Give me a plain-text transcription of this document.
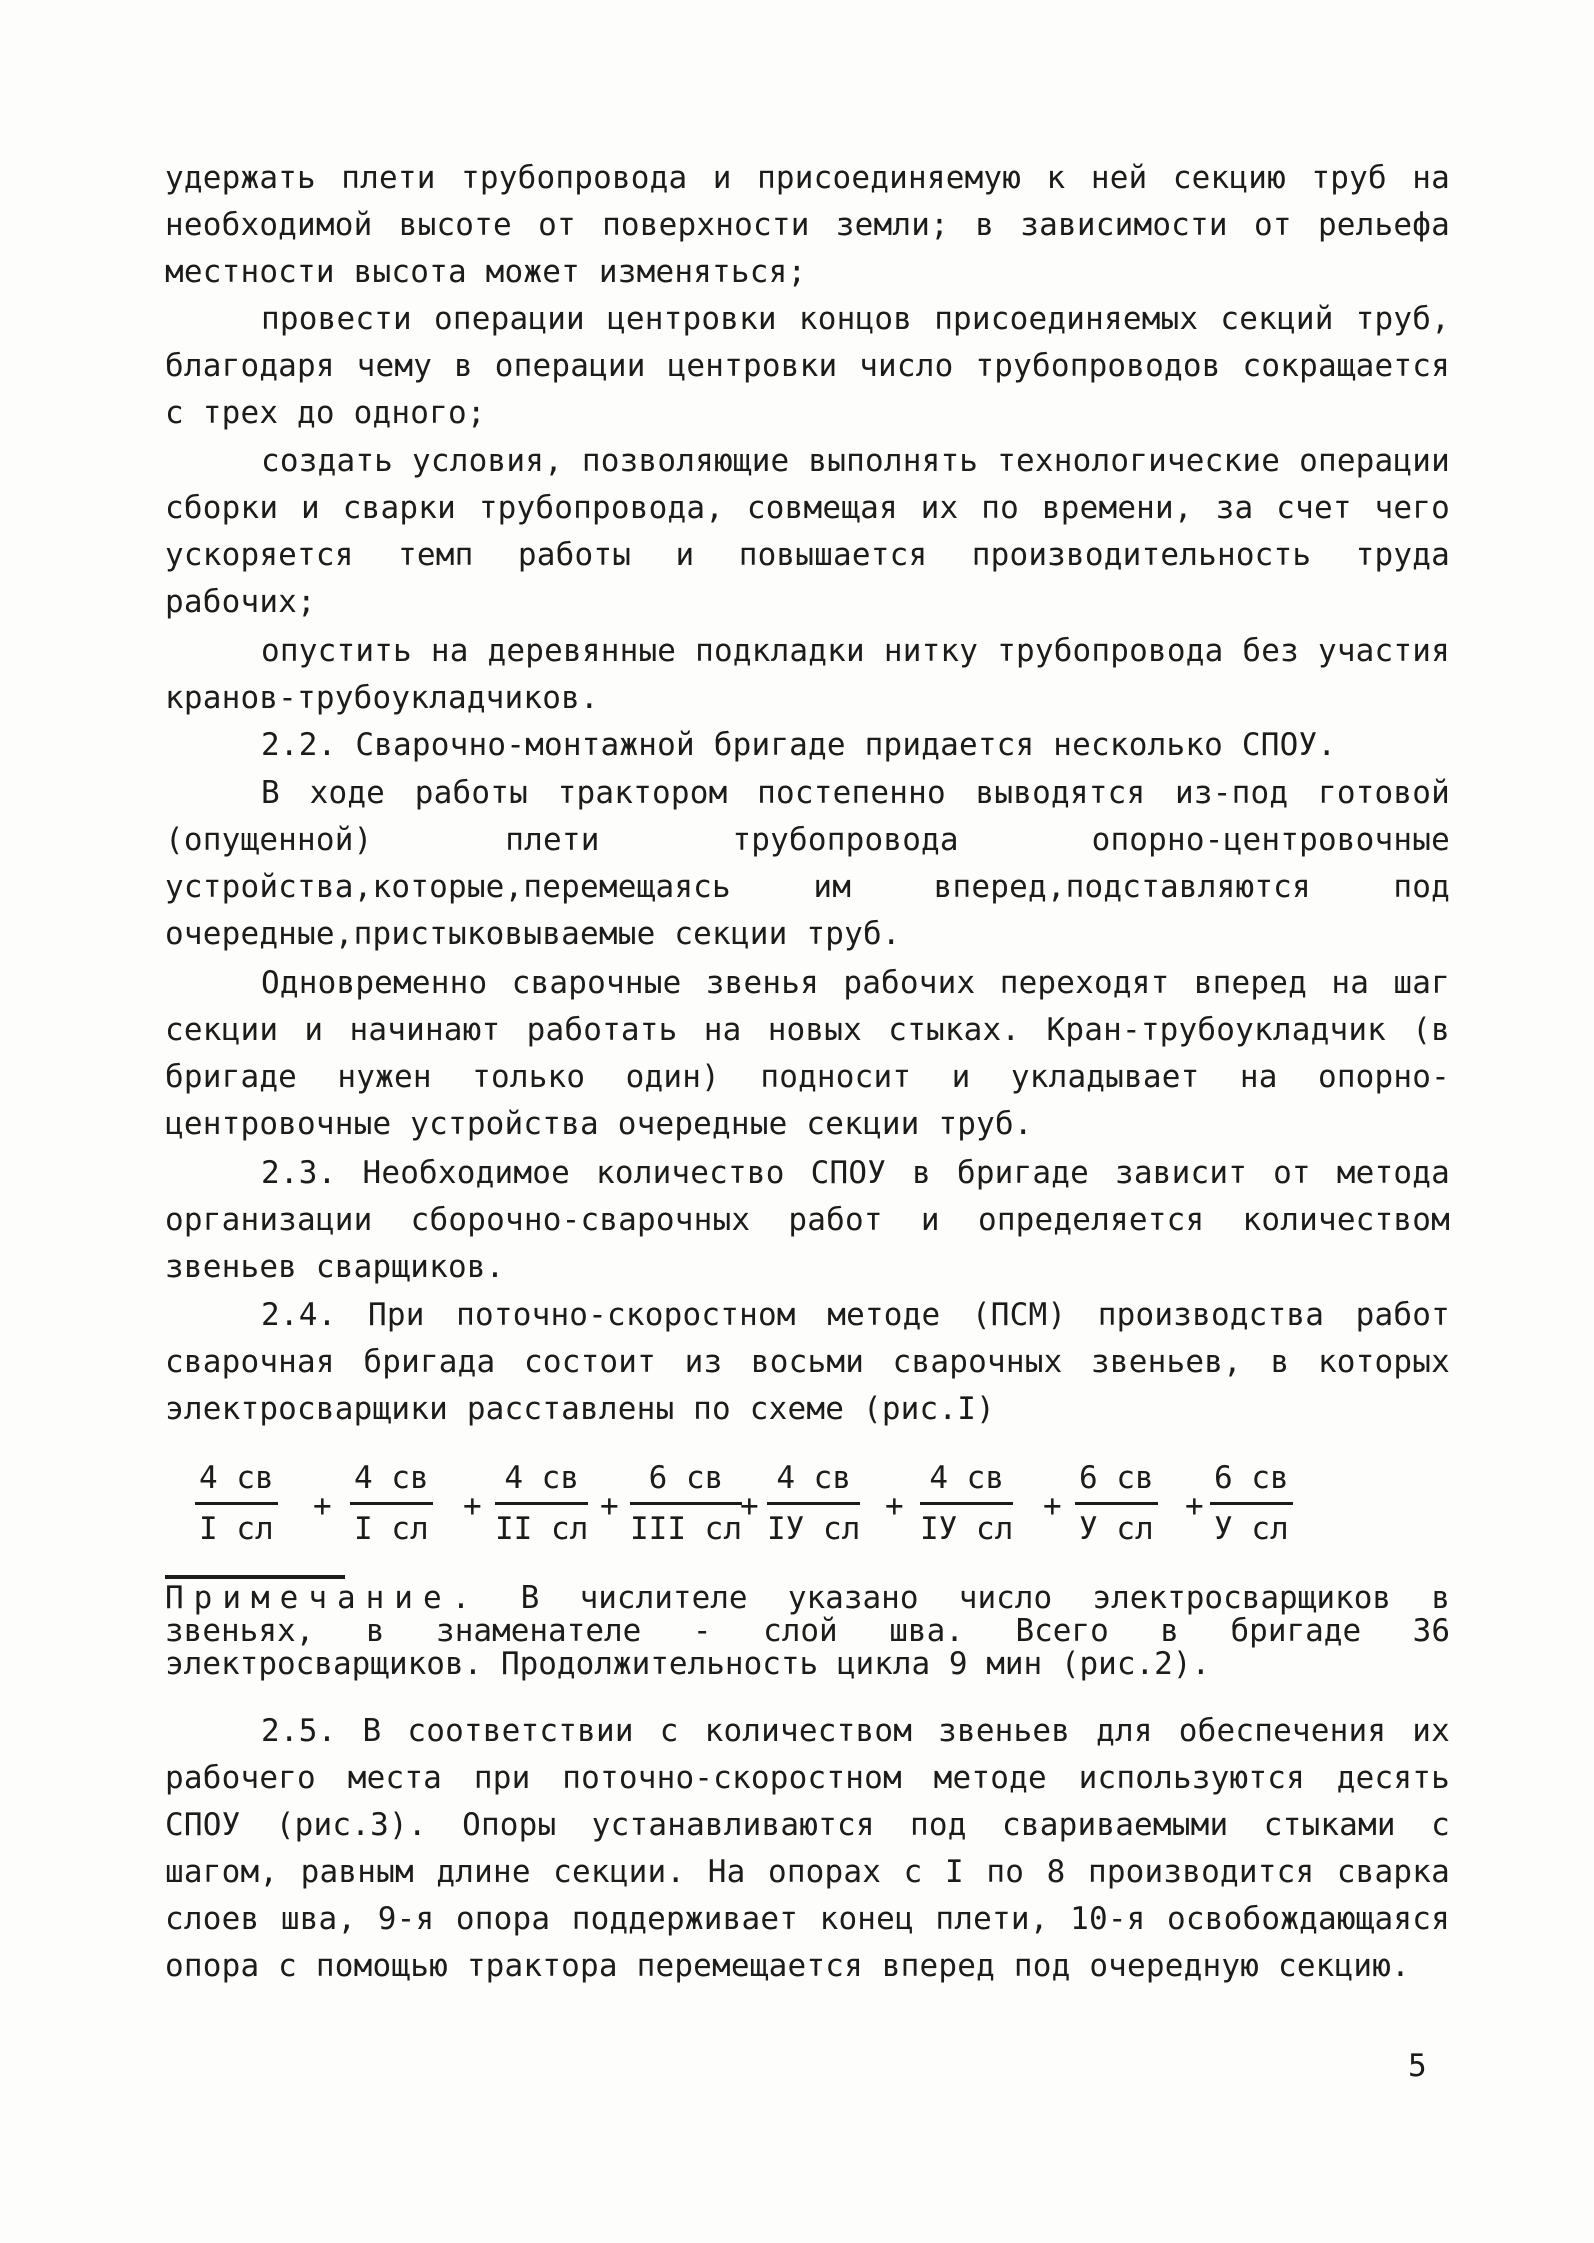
удержать плети трубопровода и присоединяемую к ней секцию труб на необходимой высоте от поверхности земли; в зависимости от рельефа местности высота может изменяться;

провести операции центровки концов присоединяемых секций труб, благодаря чему в операции центровки число трубопроводов сокращается с трех до одного;

создать условия, позволяющие выполнять технологические операции сборки и сварки трубопровода, совмещая их по времени, за счет чего ускоряется темп работы и повышается производительность труда рабочих;

опустить на деревянные подкладки нитку трубопровода без участия кранов-трубоукладчиков.

2.2. Сварочно-монтажной бригаде придается несколько СПОУ.

В ходе работы трактором постепенно выводятся из-под готовой (опущенной) плети трубопровода опорно-центровочные устройства,которые,перемещаясь им вперед,подставляются под очередные,пристыковываемые секции труб.

Одновременно сварочные звенья рабочих переходят вперед на шаг секции и начинают работать на новых стыках. Кран-трубоукладчик (в бригаде нужен только один) подносит и укладывает на опорно-центровочные устройства очередные секции труб.

2.3. Необходимое количество СПОУ в бригаде зависит от метода организации сборочно-сварочных работ и определяется количеством звеньев сварщиков.

2.4. При поточно-скоростном методе (ПСМ) производства работ сварочная бригада состоит из восьми сварочных звеньев, в которых электросварщики расставлены по схеме (рис.I)

4 св
I сл
+
4 св
I сл
+
4 св
II сл
+
6 св
III сл
+
4 св
IУ сл
+
4 св
IУ сл
+
6 св
У сл
+
6 св
У сл

Примечание. В числителе указано число электросварщиков в звеньях, в знаменателе - слой шва. Всего в бригаде 36 электросварщиков. Продолжительность цикла 9 мин (рис.2).

2.5. В соответствии с количеством звеньев для обеспечения их рабочего места при поточно-скоростном методе используются десять СПОУ (рис.3). Опоры устанавливаются под свариваемыми стыками с шагом, равным длине секции. На опорах с I по 8 производится сварка слоев шва, 9-я опора поддерживает конец плети, 10-я освобождающаяся опора с помощью трактора перемещается вперед под очередную секцию.

5
